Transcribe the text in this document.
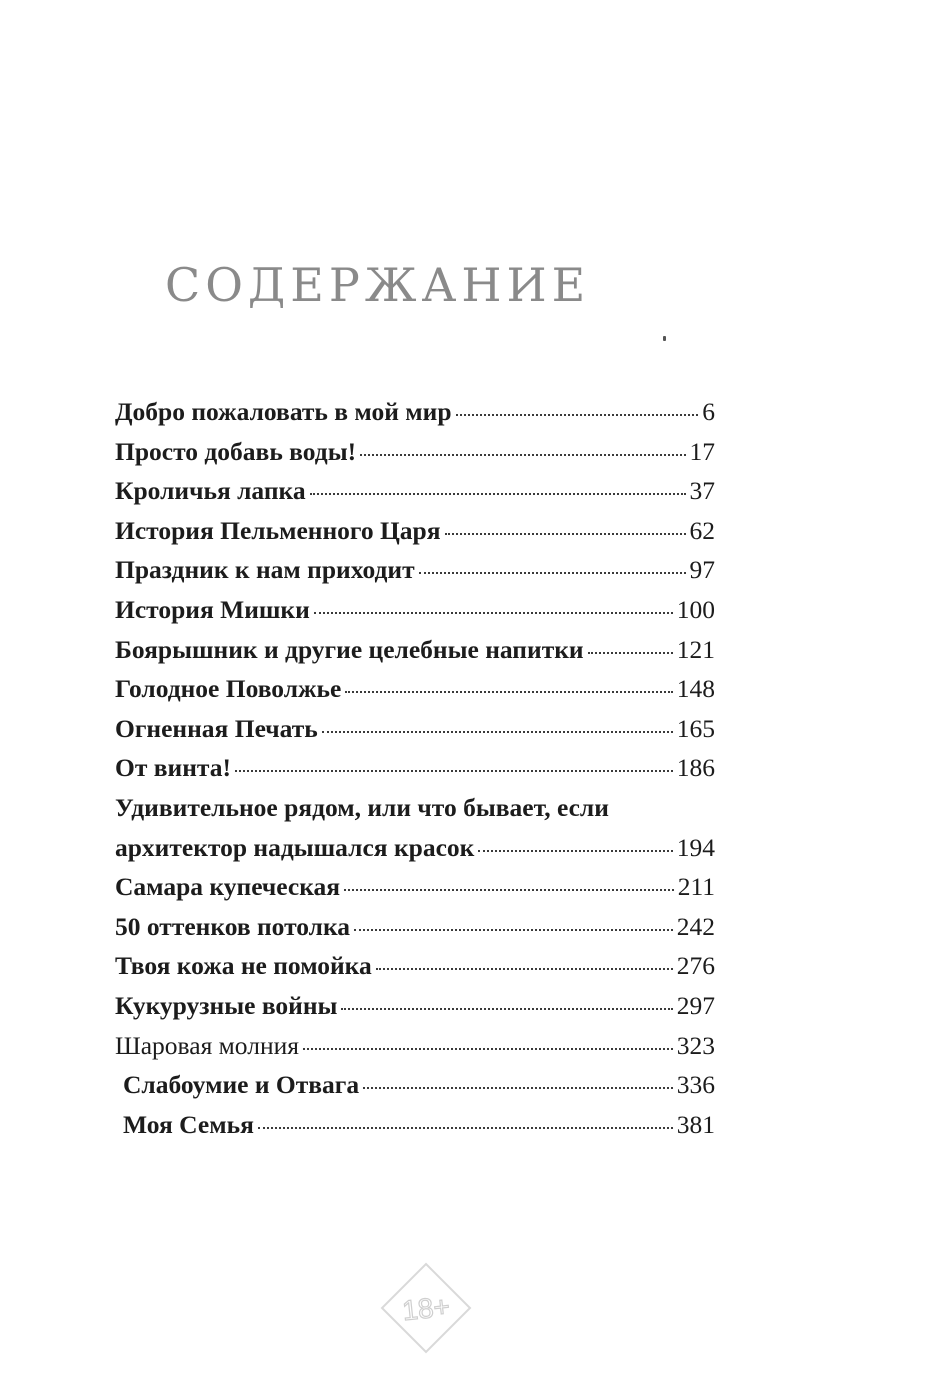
СОДЕРЖАНИЕ
Добро пожаловать в мой мир	6
Просто добавь воды!	17
Кроличья лапка	37
История Пельменного Царя	62
Праздник к нам приходит	97
История Мишки	100
Боярышник и другие целебные напитки	121
Голодное Поволжье	148
Огненная Печать	165
От винта!	186
Удивительное рядом, или что бывает, если
архитектор надышался красок	194
Самара купеческая	211
50 оттенков потолка	242
Твоя кожа не помойка	276
Кукурузные войны	297
Шаровая молния	323
Слабоумие и Отвага	336
Моя Семья	381
18+
